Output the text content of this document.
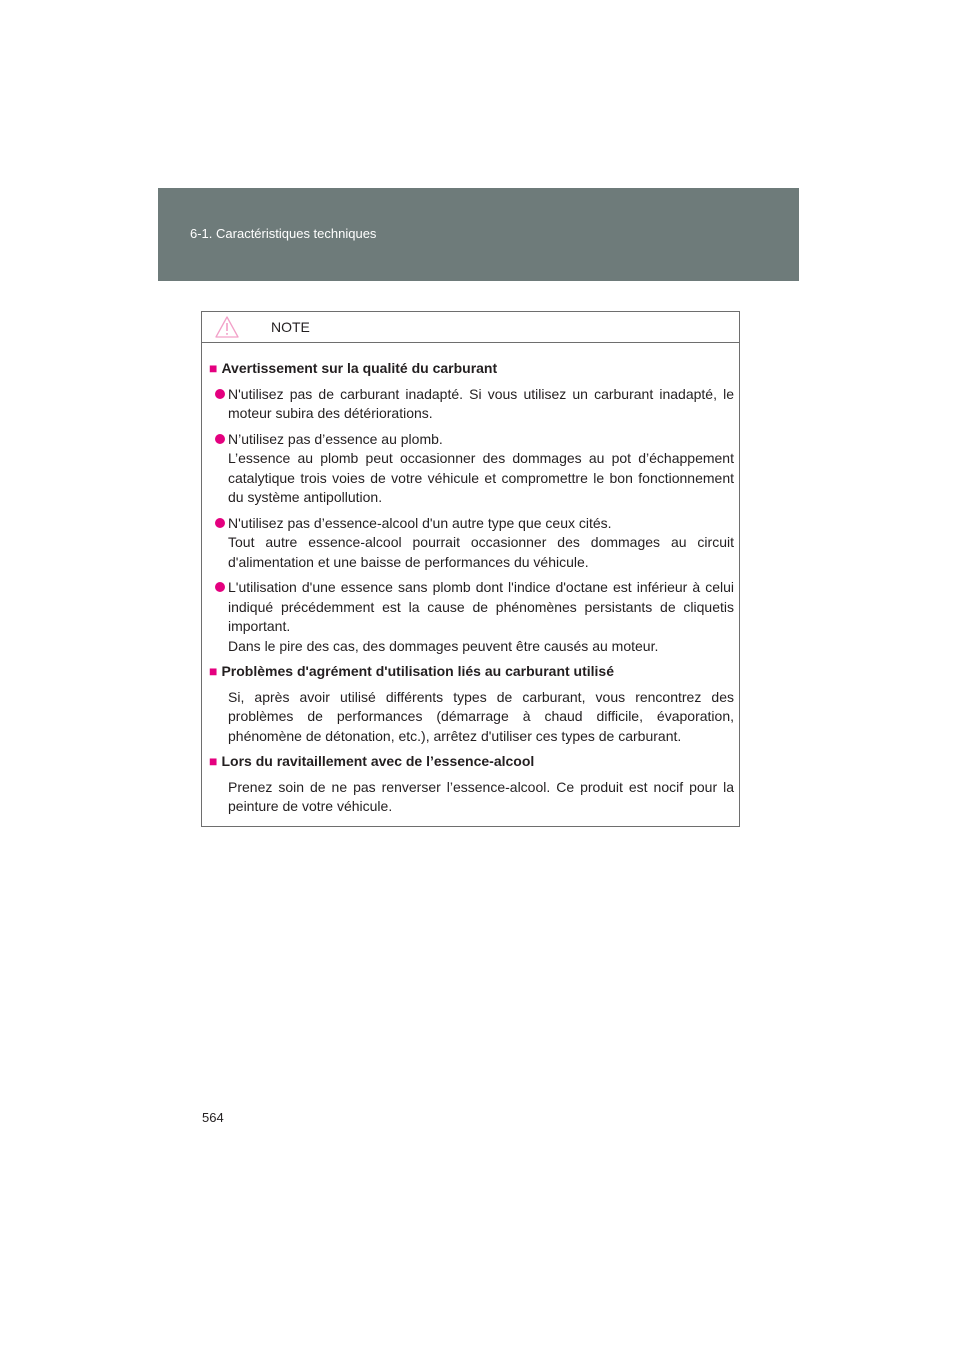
6-1. Caractéristiques techniques
NOTE
■ Avertissement sur la qualité du carburant

N'utilisez pas de carburant inadapté. Si vous utilisez un carburant inadapté, le moteur subira des détériorations.

N’utilisez pas d’essence au plomb.

L’essence au plomb peut occasionner des dommages au pot d’échappement catalytique trois voies de votre véhicule et compromettre le bon fonctionnement du système antipollution.

N'utilisez pas d’essence-alcool d'un autre type que ceux cités.

Tout autre essence-alcool pourrait occasionner des dommages au circuit d'alimentation et une baisse de performances du véhicule.

L'utilisation d'une essence sans plomb dont l'indice d'octane est inférieur à celui indiqué précédemment est la cause de phénomènes persistants de cliquetis important.

Dans le pire des cas, des dommages peuvent être causés au moteur.

■ Problèmes d'agrément d'utilisation liés au carburant utilisé

Si, après avoir utilisé différents types de carburant, vous rencontrez des problèmes de performances (démarrage à chaud difficile, évaporation, phénomène de détonation, etc.), arrêtez d'utiliser ces types de carburant.

■ Lors du ravitaillement avec de l’essence-alcool

Prenez soin de ne pas renverser l’essence-alcool. Ce produit est nocif pour la peinture de votre véhicule.

564
